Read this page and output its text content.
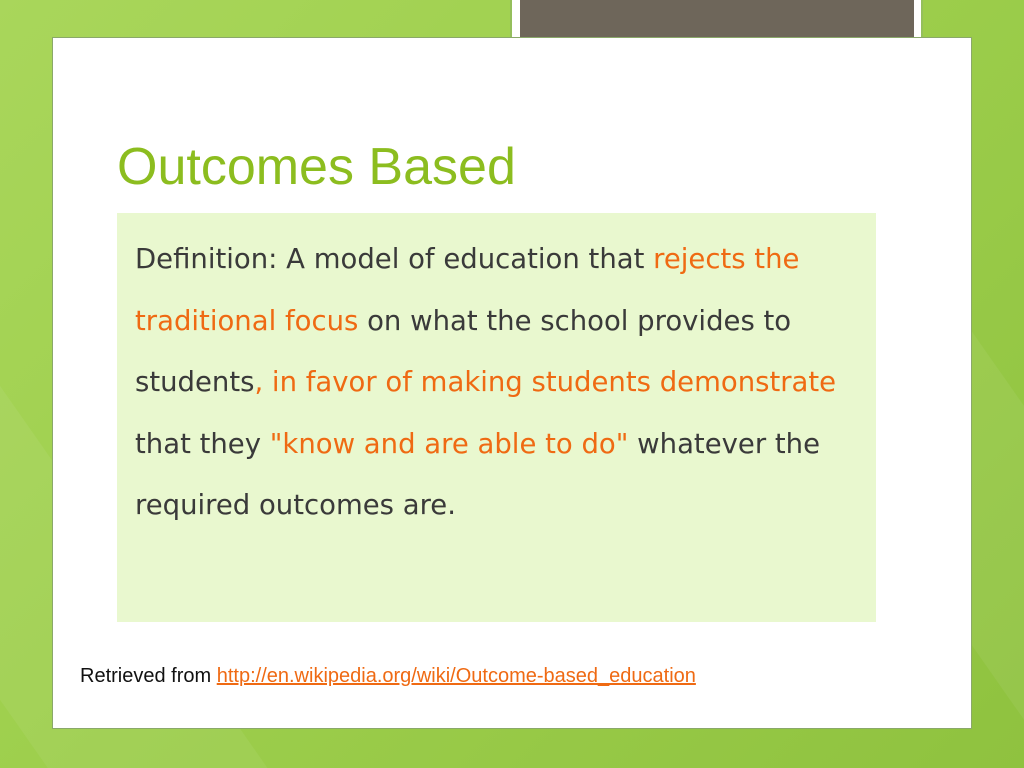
Outcomes Based

Definition: A model of education that rejects the traditional focus on what the school provides to students, in favor of making students demonstrate that they "know and are able to do" whatever the required outcomes are.

Retrieved from http://en.wikipedia.org/wiki/Outcome-based_education
